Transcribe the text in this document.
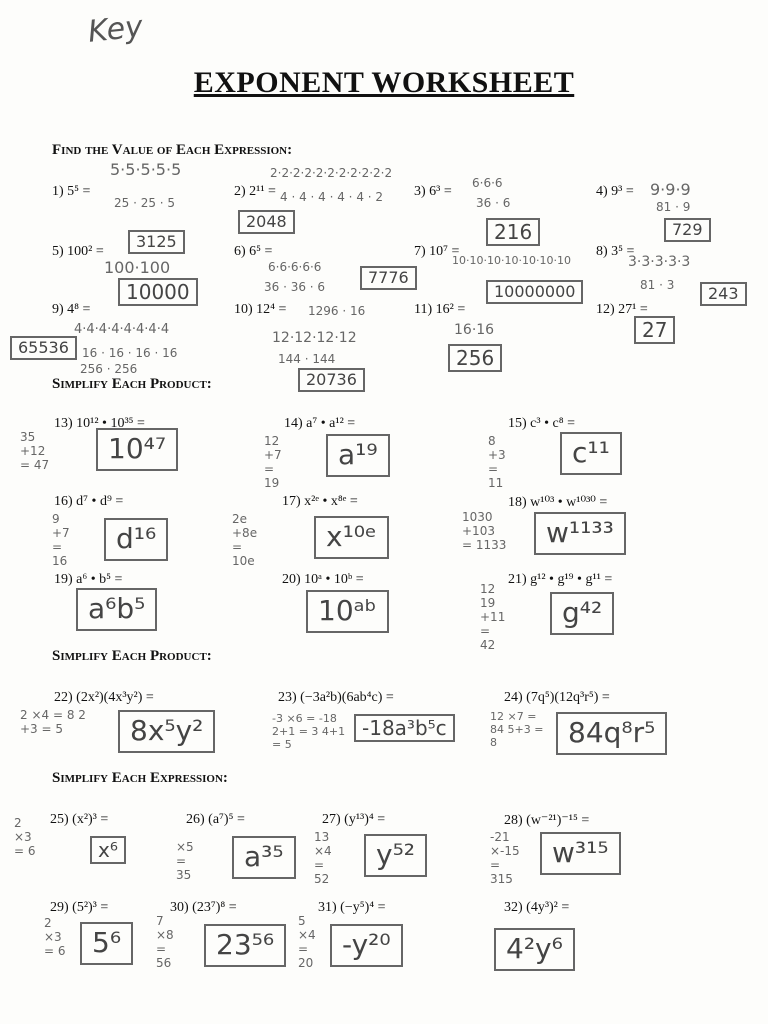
Key
EXPONENT WORKSHEET
Find the Value of Each Expression:
1) 5⁵ =
5·5·5·5·5
25 · 25 · 5
3125
2) 2¹¹ =
2·2·2·2·2·2·2·2·2·2·2
4 · 4 · 4 · 4 · 4 · 2
2048
3) 6³ =
6·6·6
36 · 6
216
4) 9³ = 9·9·9
81 · 9
729
5) 100² =
100·100
10000
6) 6⁵ =
6·6·6·6·6
36 · 36 · 6	7776
7) 10⁷ =
10·10·10·10·10·10·10
10000000
8) 3⁵ =
3·3·3·3·3
81 · 3	243
9) 4⁸ =
4·4·4·4·4·4·4·4
16 · 16 · 16 · 16
256 · 256
65536
10) 12⁴ = 1296 · 16
12·12·12·12
144 · 144
20736
11) 16² =
16·16
256
12) 27¹ =
27
Simplify Each Product:
13) 10¹² • 10³⁵ =
35 +12 = 47	10⁴⁷
14) a⁷ • a¹² =
12 +7 = 19
a¹⁹
15) c³ • c⁸ =
8 +3 = 11
c¹¹
16) d⁷ • d⁹ =
9 +7 = 16
d¹⁶
17) x²ᵉ • x⁸ᵉ =
2e +8e = 10e
x¹⁰ᵉ
18) w¹⁰³ • w¹⁰³⁰ =
1030 +103 = 1133	w¹¹³³
19) a⁶ • b⁵ =
a⁶b⁵
20) 10ᵃ • 10ᵇ =
10ᵃᵇ
21) g¹² • g¹⁹ • g¹¹ =
12 19 +11 = 42
g⁴²
Simplify Each Product:
22) (2x²)(4x³y²) =
2 ×4 = 8 2 +3 = 5	8x⁵y²
23) (−3a²b)(6ab⁴c) =
-3 ×6 = -18 2+1 = 3 4+1 = 5
-18a³b⁵c
24) (7q⁵)(12q³r⁵) =
12 ×7 = 84 5+3 = 8	84q⁸r⁵
Simplify Each Expression:
25) (x²)³ =
2 ×3 = 6	x⁶
26) (a⁷)⁵ =
×5 = 35
a³⁵
27) (y¹³)⁴ =
13 ×4 = 52
y⁵²
28) (w⁻²¹)⁻¹⁵ =
-21 ×-15 = 315
w³¹⁵
29) (5²)³ =
2 ×3 = 6 5⁶
30) (23⁷)⁸ =
7 ×8 = 56
23⁵⁶
31) (−y⁵)⁴ =
5 ×4 = 20
-y²⁰
32) (4y³)² =
4²y⁶
